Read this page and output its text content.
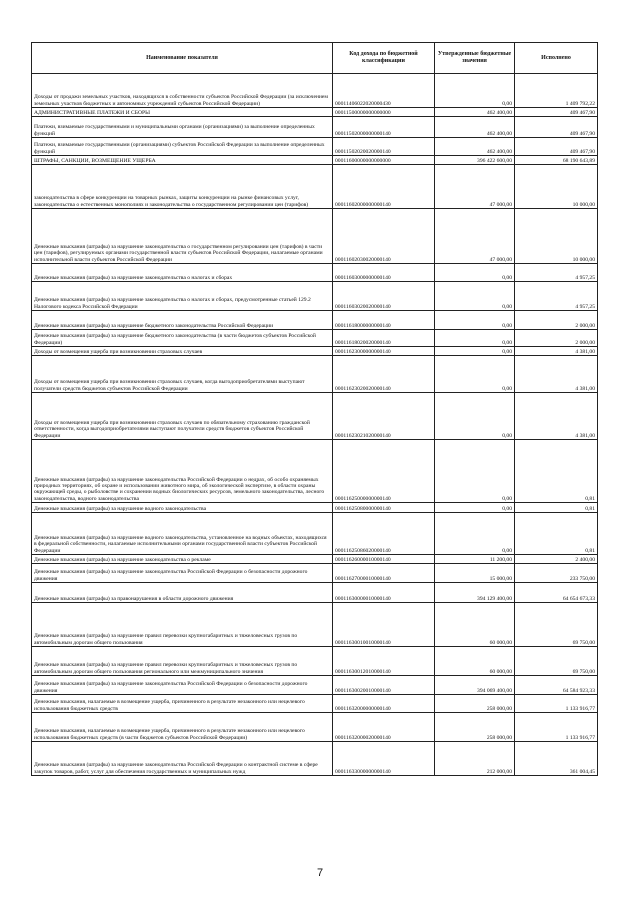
Наименование показателя	Код дохода по бюджетной классификации	Утвержденные бюджетные значения	Исполнено
Доходы от продажи земельных участков, находящихся в собственности субъектов Российской Федерации (за исключением земельных участков бюджетных и автономных учреждений субъектов Российской Федерации)	00011406022020000430	0,00	1 409 792,22
АДМИНИСТРАТИВНЫЕ ПЛАТЕЖИ И СБОРЫ	00011500000000000000	462 400,00	409 467,90
Платежи, взимаемые государственными и муниципальными органами (организациями) за выполнение определенных функций	00011502000000000140	462 400,00	409 467,90
Платежи, взимаемые государственными (организациями) субъектов Российской Федерации за выполнение определенных функций	00011502020020000140	462 400,00	409 467,90
ШТРАФЫ, САНКЦИИ, ВОЗМЕЩЕНИЕ УЩЕРБА	00011600000000000000	396 422 600,00	68 190 643,89
законодательства в сфере конкуренции на товарных рынках, защиты конкуренции на рынке финансовых услуг, законодательства о естественных монополиях и законодательства о государственном регулировании цен (тарифов)	00011602000000000140	47 000,00	10 000,00
Денежные взыскания (штрафы) за нарушение законодательства о государственном регулировании цен (тарифов) в части цен (тарифов), регулируемых органами государственной власти субъектов Российской Федерации, налагаемые органами исполнительной власти субъектов Российской Федерации	00011602030020000140	47 000,00	10 000,00
Денежные взыскания (штрафы) за нарушение законодательства о налогах и сборах	00011603000000000140	0,00	4 957,25
Денежные взыскания (штрафы) за нарушение законодательства о налогах и сборах, предусмотренные статьей 129.2 Налогового кодекса Российской Федерации	00011603020020000140	0,00	4 957,25
Денежные взыскания (штрафы) за нарушение бюджетного законодательства Российской Федерации	00011618000000000140	0,00	2 000,00
Денежные взыскания (штрафы) за нарушение бюджетного законодательства (в части бюджетов субъектов Российской Федерации)	00011618020020000140	0,00	2 000,00
Доходы от возмещения ущерба при возникновении страховых случаев	00011623000000000140	0,00	4 381,00
Доходы от возмещения ущерба при возникновении страховых случаев, когда выгодоприобретателями выступают получатели средств бюджетов субъектов Российской Федерации	00011623020020000140	0,00	4 381,00
Доходы от возмещения ущерба при возникновении страховых случаев по обязательному страхованию гражданской ответственности, когда выгодоприобретателями выступают получатели средств бюджетов субъектов Российской Федерации	00011623021020000140	0,00	4 381,00
Денежные взыскания (штрафы) за нарушение законодательства Российской Федерации о недрах, об особо охраняемых природных территориях, об охране и использовании животного мира, об экологической экспертизе, в области охраны окружающей среды, о рыболовстве и сохранении водных биологических ресурсов, земельного законодательства, лесного законодательства, водного законодательства	00011625000000000140	0,00	0,81
Денежные взыскания (штрафы) за нарушение водного законодательства	00011625080000000140	0,00	0,81
Денежные взыскания (штрафы) за нарушение водного законодательства, установленное на водных объектах, находящихся в федеральной собственности, налагаемые исполнительными органами государственной власти субъектов Российской Федерации	00011625086020000140	0,00	0,81
Денежные взыскания (штрафы) за нарушение законодательства о рекламе	00011626000010000140	11 200,00	2 400,00
Денежные взыскания (штрафы) за нарушение законодательства Российской Федерации о безопасности дорожного движения	00011627000010000140	15 000,00	233 750,00
Денежные взыскания (штрафы) за правонарушения в области дорожного движения	00011630000010000140	394 129 400,00	64 654 673,33
Денежные взыскания (штрафы) за нарушение правил перевозки крупногабаритных и тяжеловесных грузов по автомобильным дорогам общего пользования	00011630010010000140	60 000,00	69 750,00
Денежные взыскания (штрафы) за нарушение правил перевозки крупногабаритных и тяжеловесных грузов по автомобильным дорогам общего пользования регионального или межмуниципального значения	00011630012010000140	60 000,00	69 750,00
Денежные взыскания (штрафы) за нарушение законодательства Российской Федерации о безопасности дорожного движения	00011630020010000140	394 069 400,00	64 584 923,33
Денежные взыскания, налагаемые в возмещение ущерба, причиненного в результате незаконного или нецелевого использования бюджетных средств	00011632000000000140	258 000,00	1 133 916,77
Денежные взыскания, налагаемые в возмещение ущерба, причиненного в результате незаконного или нецелевого использования бюджетных средств (в части бюджетов субъектов Российской Федерации)	00011632000020000140	258 000,00	1 133 916,77
Денежные взыскания (штрафы) за нарушение законодательства Российской Федерации о контрактной системе в сфере закупок товаров, работ, услуг для обеспечения государственных и муниципальных нужд	00011633000000000140	212 000,00	361 004,45
7
